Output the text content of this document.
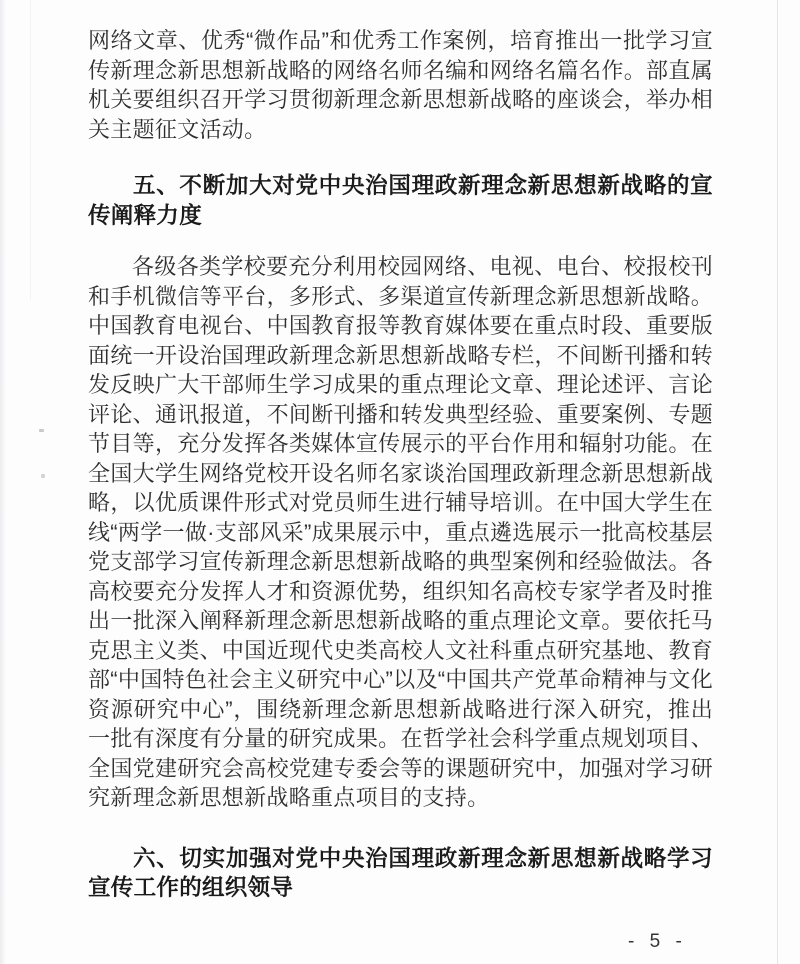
网络文章、优秀“微作品”和优秀工作案例，培育推出一批学习宣传新理念新思想新战略的网络名师名编和网络名篇名作。部直属机关要组织召开学习贯彻新理念新思想新战略的座谈会，举办相关主题征文活动。

五、不断加大对党中央治国理政新理念新思想新战略的宣传阐释力度

各级各类学校要充分利用校园网络、电视、电台、校报校刊和手机微信等平台，多形式、多渠道宣传新理念新思想新战略。中国教育电视台、中国教育报等教育媒体要在重点时段、重要版面统一开设治国理政新理念新思想新战略专栏，不间断刊播和转发反映广大干部师生学习成果的重点理论文章、理论述评、言论评论、通讯报道，不间断刊播和转发典型经验、重要案例、专题节目等，充分发挥各类媒体宣传展示的平台作用和辐射功能。在全国大学生网络党校开设名师名家谈治国理政新理念新思想新战略，以优质课件形式对党员师生进行辅导培训。在中国大学生在线“两学一做·支部风采”成果展示中，重点遴选展示一批高校基层党支部学习宣传新理念新思想新战略的典型案例和经验做法。各高校要充分发挥人才和资源优势，组织知名高校专家学者及时推出一批深入阐释新理念新思想新战略的重点理论文章。要依托马克思主义类、中国近现代史类高校人文社科重点研究基地、教育部“中国特色社会主义研究中心”以及“中国共产党革命精神与文化资源研究中心”，围绕新理念新思想新战略进行深入研究，推出一批有深度有分量的研究成果。在哲学社会科学重点规划项目、全国党建研究会高校党建专委会等的课题研究中，加强对学习研究新理念新思想新战略重点项目的支持。

六、切实加强对党中央治国理政新理念新思想新战略学习宣传工作的组织领导
- 5 -
